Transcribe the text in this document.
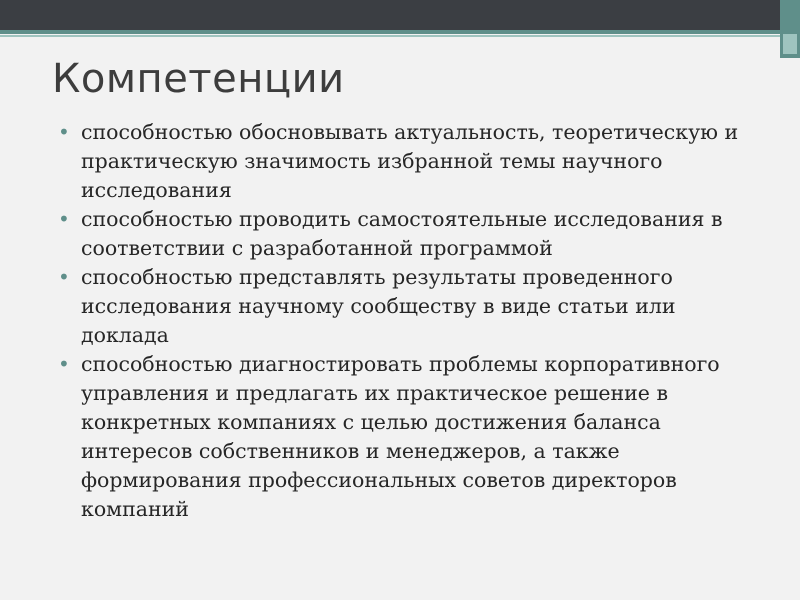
Компетенции
• способностью обосновывать актуальность, теоретическую и практическую значимость избранной темы научного исследования
• способностью проводить самостоятельные исследования в соответствии с разработанной программой
• способностью представлять результаты проведенного исследования научному сообществу в виде статьи или доклада
• способностью диагностировать проблемы корпоративного управления и предлагать их практическое решение в конкретных компаниях с целью достижения баланса интересов собственников и менеджеров, а также формирования профессиональных советов директоров компаний
